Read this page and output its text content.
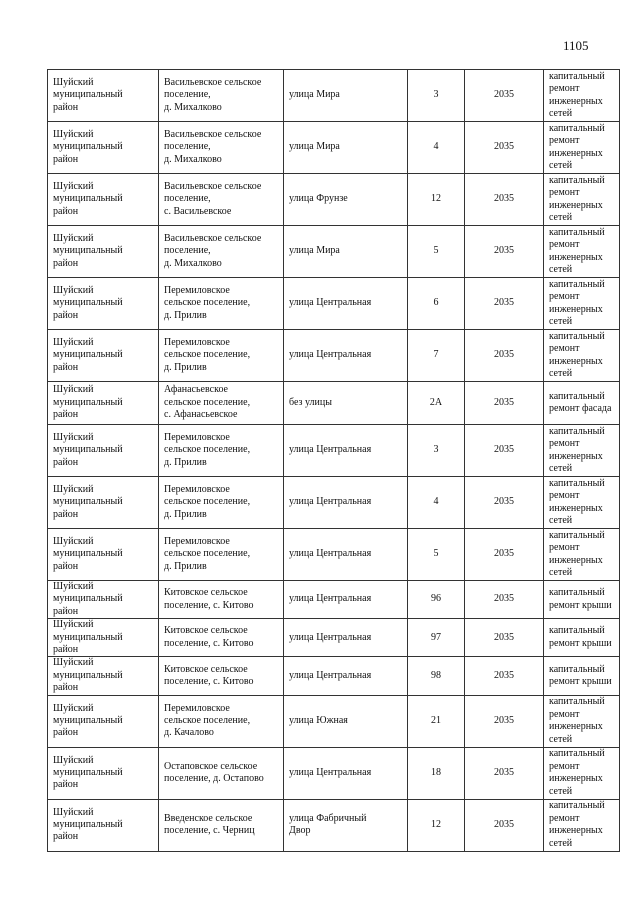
1105
Шуйский
муниципальный
район	Васильевское сельское
поселение,
д. Михалково	улица Мира	3	2035	капитальный
ремонт
инженерных
сетей

Шуйский
муниципальный
район	Васильевское сельское
поселение,
д. Михалково	улица Мира	4	2035	капитальный
ремонт
инженерных
сетей

Шуйский
муниципальный
район	Васильевское сельское
поселение,
с. Васильевское	улица Фрунзе	12	2035	капитальный
ремонт
инженерных
сетей

Шуйский
муниципальный
район	Васильевское сельское
поселение,
д. Михалково	улица Мира	5	2035	капитальный
ремонт
инженерных
сетей

Шуйский
муниципальный
район	Перемиловское
сельское поселение,
д. Прилив	улица Центральная	6	2035	капитальный
ремонт
инженерных
сетей

Шуйский
муниципальный
район	Перемиловское
сельское поселение,
д. Прилив	улица Центральная	7	2035	капитальный
ремонт
инженерных
сетей

Шуйский
муниципальный
район	Афанасьевское
сельское поселение,
с. Афанасьевское	без улицы	2А	2035	капитальный
ремонт фасада

Шуйский
муниципальный
район	Перемиловское
сельское поселение,
д. Прилив	улица Центральная	3	2035	капитальный
ремонт
инженерных
сетей

Шуйский
муниципальный
район	Перемиловское
сельское поселение,
д. Прилив	улица Центральная	4	2035	капитальный
ремонт
инженерных
сетей

Шуйский
муниципальный
район	Перемиловское
сельское поселение,
д. Прилив	улица Центральная	5	2035	капитальный
ремонт
инженерных
сетей

Шуйский
муниципальный
район	Китовское сельское
поселение, с. Китово	улица Центральная	96	2035	капитальный
ремонт крыши

Шуйский
муниципальный
район	Китовское сельское
поселение, с. Китово	улица Центральная	97	2035	капитальный
ремонт крыши

Шуйский
муниципальный
район	Китовское сельское
поселение, с. Китово	улица Центральная	98	2035	капитальный
ремонт крыши

Шуйский
муниципальный
район	Перемиловское
сельское поселение,
д. Качалово	улица Южная	21	2035	капитальный
ремонт
инженерных
сетей

Шуйский
муниципальный
район	Остаповское сельское
поселение, д. Остапово	улица Центральная	18	2035	капитальный
ремонт
инженерных
сетей

Шуйский
муниципальный
район	Введенское сельское
поселение, с. Черниц	улица Фабричный
Двор	12	2035	капитальный
ремонт
инженерных
сетей
